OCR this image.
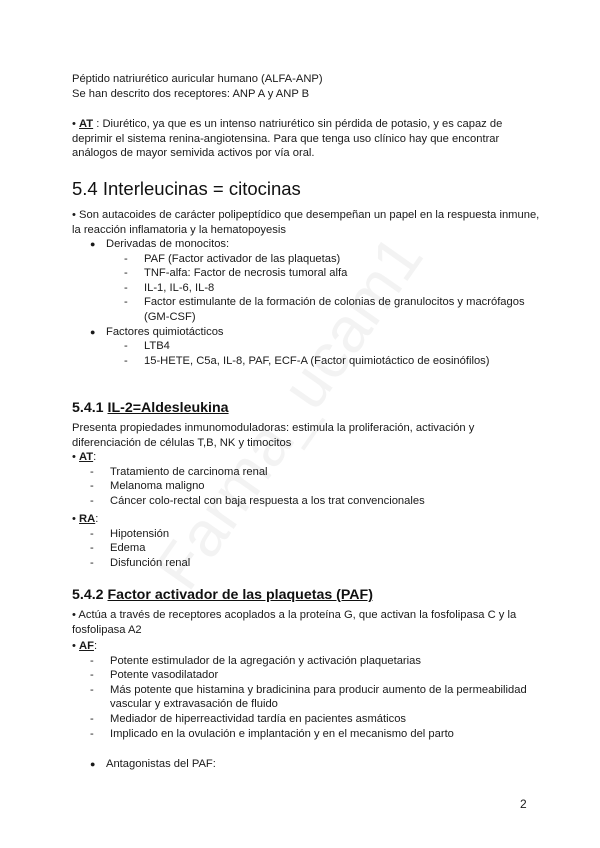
Péptido natriurético auricular humano (ALFA-ANP)
Se han descrito dos receptores: ANP A y ANP B
• AT : Diurético, ya que es un intenso natriurético sin pérdida de potasio, y es capaz de deprimir el sistema renina-angiotensina. Para que tenga uso clínico hay que encontrar análogos de mayor semivida activos por vía oral.
5.4 Interleucinas = citocinas
• Son autacoides de carácter polipeptídico que desempeñan un papel en la respuesta inmune, la reacción inflamatoria y la hematopoyesis
● Derivadas de monocitos:
- PAF (Factor activador de las plaquetas)
- TNF-alfa: Factor de necrosis tumoral alfa
- IL-1, IL-6, IL-8
- Factor estimulante de la formación de colonias de granulocitos y macrófagos (GM-CSF)
● Factores quimiotácticos
- LTB4
- 15-HETE, C5a, IL-8, PAF, ECF-A (Factor quimiotáctico de eosinófilos)
5.4.1 IL-2=Aldesleukina
Presenta propiedades inmunomoduladoras: estimula la proliferación, activación y diferenciación de células T,B, NK y timocitos
• AT:
- Tratamiento de carcinoma renal
- Melanoma maligno
- Cáncer colo-rectal con baja respuesta a los trat convencionales
• RA:
- Hipotensión
- Edema
- Disfunción renal
5.4.2 Factor activador de las plaquetas (PAF)
• Actúa a través de receptores acoplados a la proteína G, que activan la fosfolipasa C y la fosfolipasa A2
• AF:
- Potente estimulador de la agregación y activación plaquetarias
- Potente vasodilatador
- Más potente que histamina y bradicinina para producir aumento de la permeabilidad vascular y extravasación de fluido
- Mediador de hiperreactividad tardía en pacientes asmáticos
- Implicado en la ovulación e implantación y en el mecanismo del parto
● Antagonistas del PAF:
2
